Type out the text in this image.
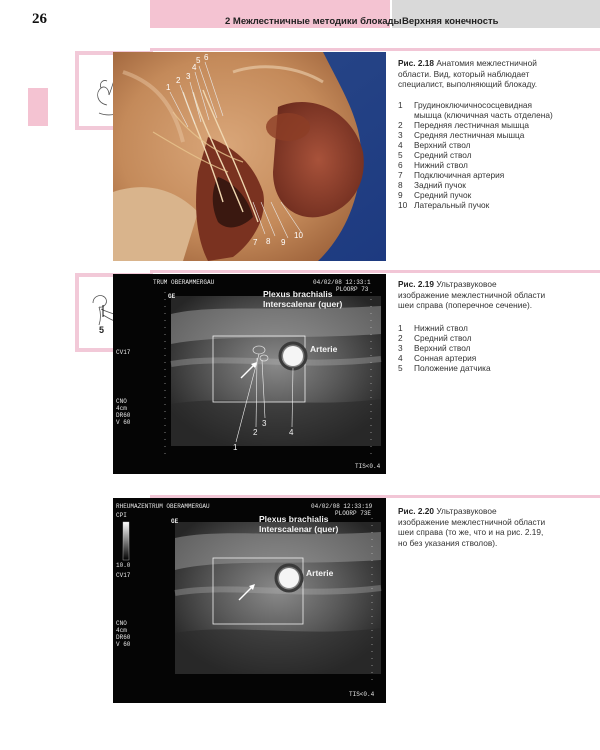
26	2 Межлестничные методики блокады Верхняя конечность
1
2 3
4
5 6
7 8 9
10
Рис. 2.18 Анатомия межлестничной области. Вид, который наблюдает специалист, выполняющий блокаду.
1	Грудиноключичнососцевидная мышца (ключичная часть отделена)
2	Передняя лестничная мышца
3	Средняя лестничная мышца
4	Верхний ствол
5	Средний ствол
6	Нижний ствол
7	Подключичная артерия
8	Задний пучок
9	Средний пучок
10 Латеральный пучок
5
TRUM OBERAMMERGAU	04/02/08 12:33:1
PLOORP 73
GE	Plexus brachialis
Interscalenar (quer)
Arterie
CV17
CNO
4cm
DR60
V 60
TIS<0.4
1
2
3
4
Рис. 2.19 Ультразвуковое изображение межлестничной области шеи справа (поперечное сечение).
1	Нижний ствол
2	Средний ствол
3	Верхний ствол
4	Сонная артерия
5	Положение датчика
RHEUMAZENTRUM OBERAMMERGAU	04/02/08 12:33:19
PLOORP 73E
GE	Plexus brachialis
Interscalenar (quer)
Arterie
CPI
10.0
CV17
CNO
4cm
DR60
V 60
TIS<0.4
Рис. 2.20 Ультразвуковое изображение межлестничной области шеи справа (то же, что и на рис. 2.19, но без указания стволов).
